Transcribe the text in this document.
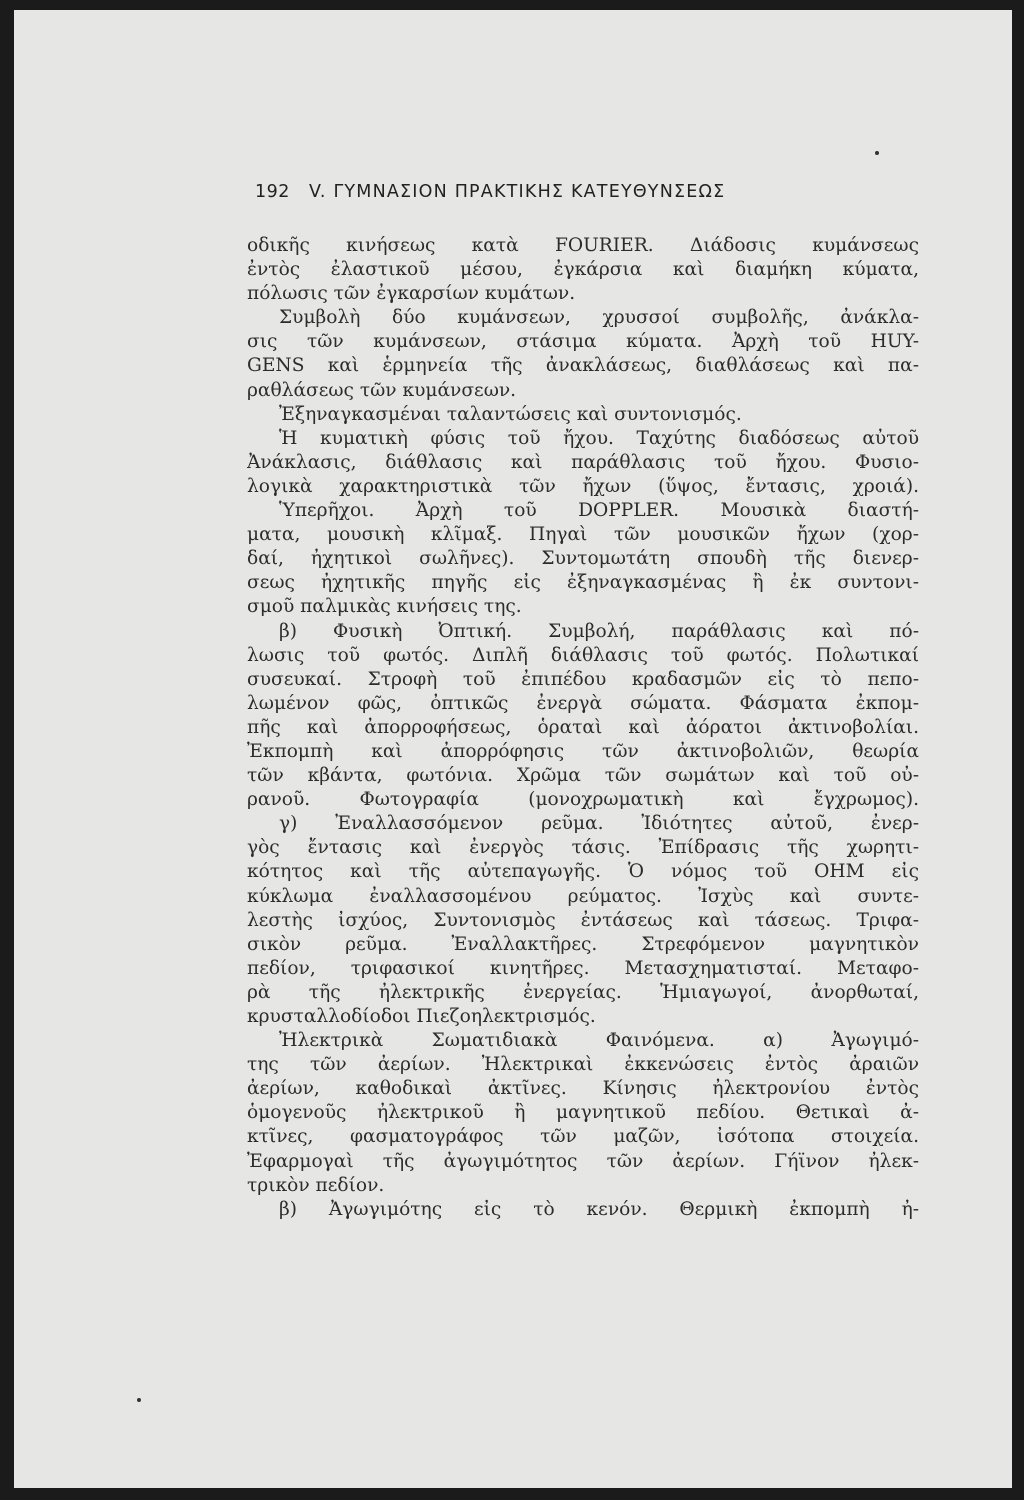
192 V. ΓΥΜΝΑΣΙΟΝ ΠΡΑΚΤΙΚΗΣ ΚΑΤΕΥΘΥΝΣΕΩΣ
οδικῆς κινήσεως κατὰ FOURIER. Διάδοσις κυμάνσεως
ἐντὸς ἐλαστικοῦ μέσου, ἐγκάρσια καὶ διαμήκη κύματα,
πόλωσις τῶν ἐγκαρσίων κυμάτων.
Συμβολὴ δύο κυμάνσεων, χρυσσοί συμβολῆς, ἀνάκλα-
σις τῶν κυμάνσεων, στάσιμα κύματα. Ἀρχὴ τοῦ HUY-
GENS καὶ ἑρμηνεία τῆς ἀνακλάσεως, διαθλάσεως καὶ πα-
ραθλάσεως τῶν κυμάνσεων.
Ἐξηναγκασμέναι ταλαντώσεις καὶ συντονισμός.
Ἡ κυματικὴ φύσις τοῦ ἤχου. Ταχύτης διαδόσεως αὐτοῦ
Ἀνάκλασις, διάθλασις καὶ παράθλασις τοῦ ἤχου. Φυσιο-
λογικὰ χαρακτηριστικὰ τῶν ἤχων (ὕψος, ἔντασις, χροιά).
Ὑπερῆχοι. Ἀρχὴ τοῦ DOPPLER. Μουσικὰ διαστή-
ματα, μουσικὴ κλῖμαξ. Πηγαὶ τῶν μουσικῶν ἤχων (χορ-
δαί, ἠχητικοὶ σωλῆνες). Συντομωτάτη σπουδὴ τῆς διενερ-
σεως ἠχητικῆς πηγῆς εἰς ἐξηναγκασμένας ἢ ἐκ συντονι-
σμοῦ παλμικὰς κινήσεις της.
β) Φυσικὴ Ὀπτική. Συμβολή, παράθλασις καὶ πό-
λωσις τοῦ φωτός. Διπλῆ διάθλασις τοῦ φωτός. Πολωτικαί
συσευκαί. Στροφὴ τοῦ ἐπιπέδου κραδασμῶν εἰς τὸ πεπο-
λωμένον φῶς, ὀπτικῶς ἐνεργὰ σώματα. Φάσματα ἐκπομ-
πῆς καὶ ἀπορροφήσεως, ὁραταὶ καὶ ἀόρατοι ἀκτινοβολίαι.
Ἐκπομπὴ καὶ ἀπορρόφησις τῶν ἀκτινοβολιῶν, θεωρία
τῶν κβάντα, φωτόνια. Χρῶμα τῶν σωμάτων καὶ τοῦ οὐ-
ρανοῦ. Φωτογραφία (μονοχρωματικὴ καὶ ἔγχρωμος).
γ) Ἐναλλασσόμενον ρεῦμα. Ἰδιότητες αὐτοῦ, ἐνερ-
γὸς ἔντασις καὶ ἐνεργὸς τάσις. Ἐπίδρασις τῆς χωρητι-
κότητος καὶ τῆς αὐτεπαγωγῆς. Ὁ νόμος τοῦ OHM εἰς
κύκλωμα ἐναλλασσομένου ρεύματος. Ἰσχὺς καὶ συντε-
λεστὴς ἰσχύος, Συντονισμὸς ἐντάσεως καὶ τάσεως. Τριφα-
σικὸν ρεῦμα. Ἐναλλακτῆρες. Στρεφόμενον μαγνητικὸν
πεδίον, τριφασικοί κινητῆρες. Μετασχηματισταί. Μεταφο-
ρὰ τῆς ἠλεκτρικῆς ἐνεργείας. Ἡμιαγωγοί, ἀνορθωταί,
κρυσταλλοδίοδοι Πιεζοηλεκτρισμός.
Ἠλεκτρικὰ Σωματιδιακὰ Φαινόμενα. α) Ἀγωγιμό-
της τῶν ἀερίων. Ἠλεκτρικαὶ ἐκκενώσεις ἐντὸς ἀραιῶν
ἀερίων, καθοδικαὶ ἀκτῖνες. Κίνησις ἠλεκτρονίου ἐντὸς
ὁμογενοῦς ἠλεκτρικοῦ ἢ μαγνητικοῦ πεδίου. Θετικαὶ ἀ-
κτῖνες, φασματογράφος τῶν μαζῶν, ἰσότοπα στοιχεία.
Ἐφαρμογαὶ τῆς ἀγωγιμότητος τῶν ἀερίων. Γήϊνον ἠλεκ-
τρικὸν πεδίον.
β) Ἀγωγιμότης εἰς τὸ κενόν. Θερμικὴ ἐκπομπὴ ἠ-
